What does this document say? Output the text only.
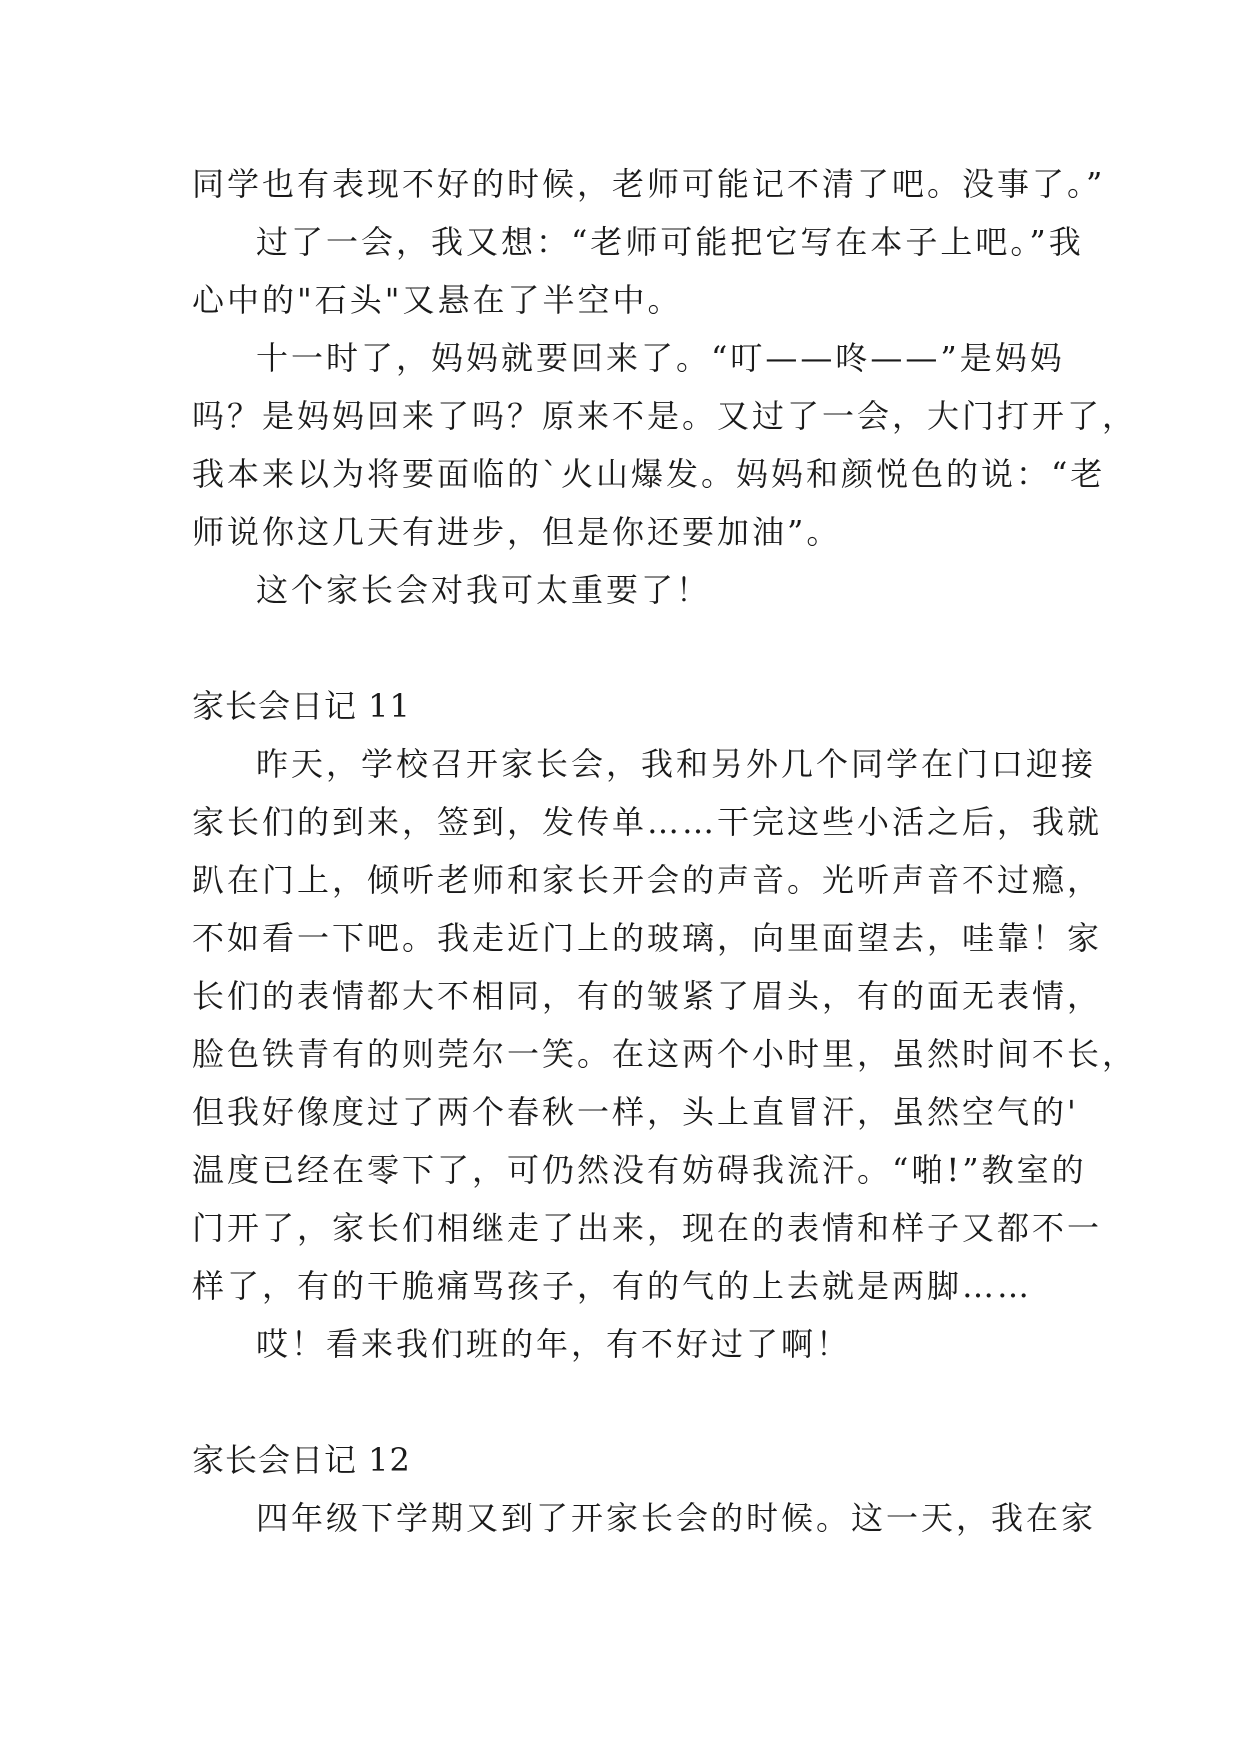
同学也有表现不好的时候，老师可能记不清了吧。没事了。”
过了一会，我又想：“老师可能把它写在本子上吧。”我
心中的"石头"又悬在了半空中。
十一时了，妈妈就要回来了。“叮——咚——”是妈妈
吗？是妈妈回来了吗？原来不是。又过了一会，大门打开了，
我本来以为将要面临的`火山爆发。妈妈和颜悦色的说：“老
师说你这几天有进步，但是你还要加油”。
这个家长会对我可太重要了！
家长会日记 11
昨天，学校召开家长会，我和另外几个同学在门口迎接
家长们的到来，签到，发传单……干完这些小活之后，我就
趴在门上，倾听老师和家长开会的声音。光听声音不过瘾，
不如看一下吧。我走近门上的玻璃，向里面望去，哇靠！家
长们的表情都大不相同，有的皱紧了眉头，有的面无表情，
脸色铁青有的则莞尔一笑。在这两个小时里，虽然时间不长，
但我好像度过了两个春秋一样，头上直冒汗，虽然空气的'
温度已经在零下了，可仍然没有妨碍我流汗。“啪!”教室的
门开了，家长们相继走了出来，现在的表情和样子又都不一
样了，有的干脆痛骂孩子，有的气的上去就是两脚……
哎！看来我们班的年，有不好过了啊！
家长会日记 12
四年级下学期又到了开家长会的时候。这一天，我在家
